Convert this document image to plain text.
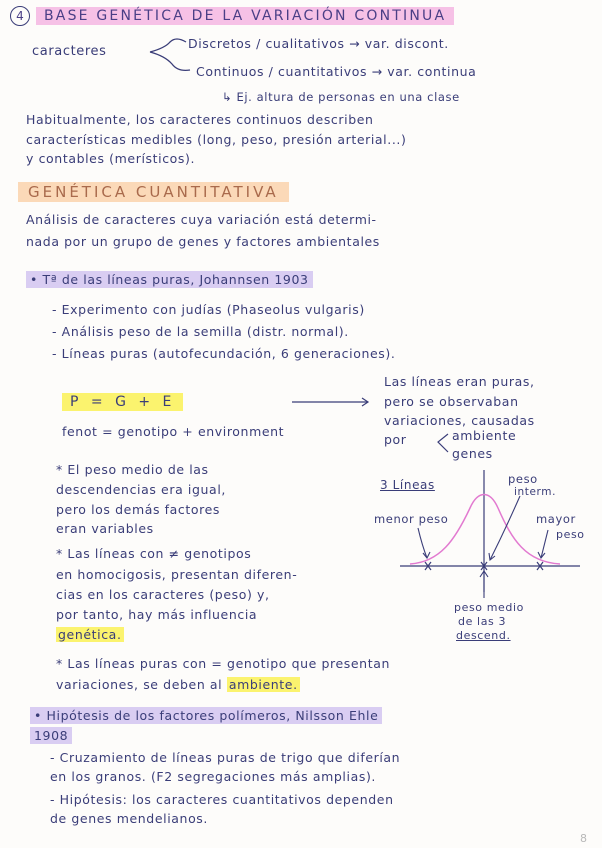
4 BASE GENÉTICA DE LA VARIACIÓN CONTINUA
caracteres
Discretos / cualitativos → var. discont.
Continuos / cuantitativos → var. continua
↳ Ej. altura de personas en una clase
Habitualmente, los caracteres continuos describen
características medibles (long, peso, presión arterial...)
y contables (merísticos).
GENÉTICA CUANTITATIVA
Análisis de caracteres cuya variación está determi-
nada por un grupo de genes y factores ambientales
• Tª de las líneas puras, Johannsen 1903
- Experimento con judías (Phaseolus vulgaris)
- Análisis peso de la semilla (distr. normal).
- Líneas puras (autofecundación, 6 generaciones).
P = G + E
fenot = genotipo + environment
Las líneas eran puras,
pero se observaban
variaciones, causadas
por	ambiente
genes
* El peso medio de las
descendencias era igual,
pero los demás factores
eran variables
* Las líneas con ≠ genotipos
en homocigosis, presentan diferen-
cias en los caracteres (peso) y,
por tanto, hay más influencia
genética.
* Las líneas puras con = genotipo que presentan
variaciones, se deben al ambiente.
• Hipótesis de los factores polímeros, Nilsson Ehle
1908
- Cruzamiento de líneas puras de trigo que diferían
en los granos. (F2 segregaciones más amplias).
- Hipótesis: los caracteres cuantitativos dependen
de genes mendelianos.
8
3 Líneas	peso
interm.
menor peso	mayor
peso
peso medio
de las 3
descend.
